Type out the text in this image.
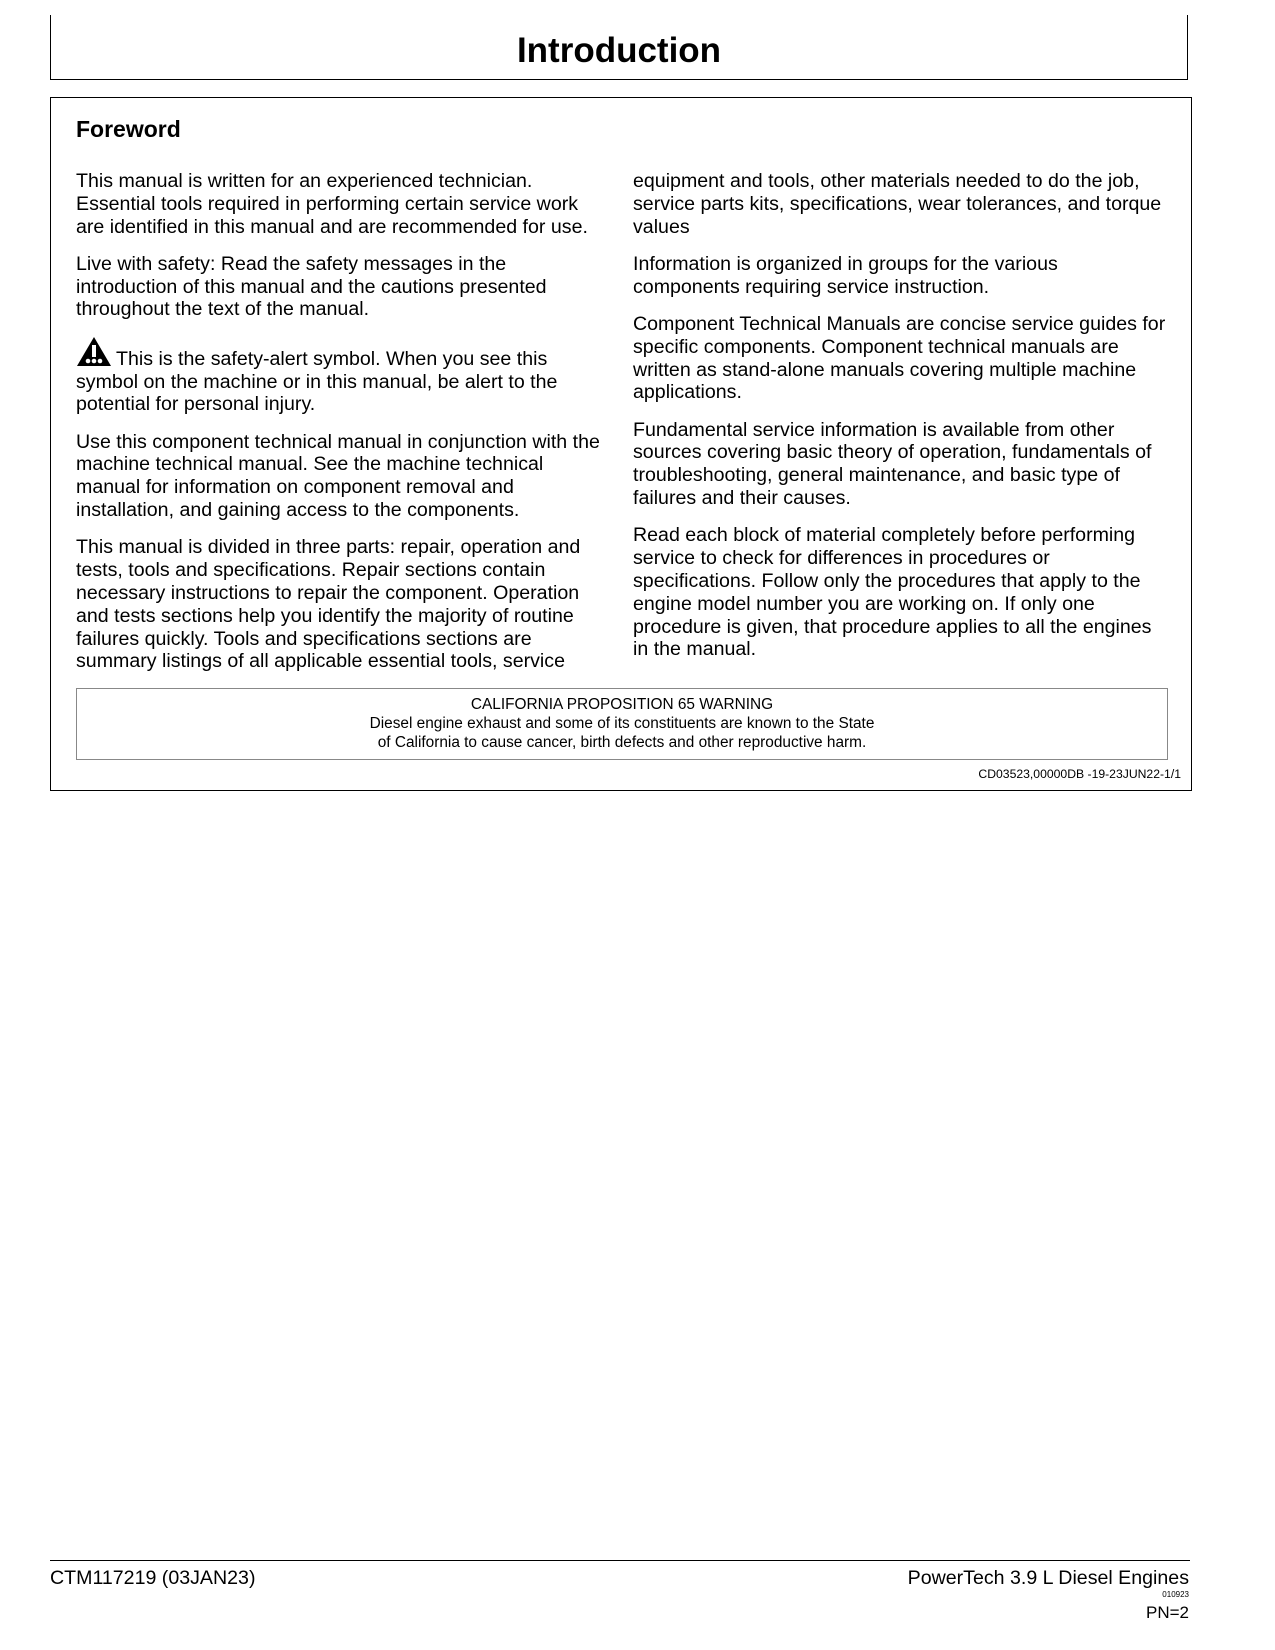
Introduction
Foreword

This manual is written for an experienced technician. Essential tools required in performing certain service work are identified in this manual and are recommended for use.

Live with safety: Read the safety messages in the introduction of this manual and the cautions presented throughout the text of the manual.

This is the safety-alert symbol. When you see this symbol on the machine or in this manual, be alert to the potential for personal injury.

Use this component technical manual in conjunction with the machine technical manual. See the machine technical manual for information on component removal and installation, and gaining access to the components.

This manual is divided in three parts: repair, operation and tests, tools and specifications. Repair sections contain necessary instructions to repair the component. Operation and tests sections help you identify the majority of routine failures quickly. Tools and specifications sections are summary listings of all applicable essential tools, service

equipment and tools, other materials needed to do the job, service parts kits, specifications, wear tolerances, and torque values

Information is organized in groups for the various components requiring service instruction.

Component Technical Manuals are concise service guides for specific components. Component technical manuals are written as stand-alone manuals covering multiple machine applications.

Fundamental service information is available from other sources covering basic theory of operation, fundamentals of troubleshooting, general maintenance, and basic type of failures and their causes.

Read each block of material completely before performing service to check for differences in procedures or specifications. Follow only the procedures that apply to the engine model number you are working on. If only one procedure is given, that procedure applies to all the engines in the manual.

CALIFORNIA PROPOSITION 65 WARNING
Diesel engine exhaust and some of its constituents are known to the State
of California to cause cancer, birth defects and other reproductive harm.
CD03523,00000DB -19-23JUN22-1/1
CTM117219 (03JAN23)	PowerTech 3.9 L Diesel Engines
010923
PN=2
